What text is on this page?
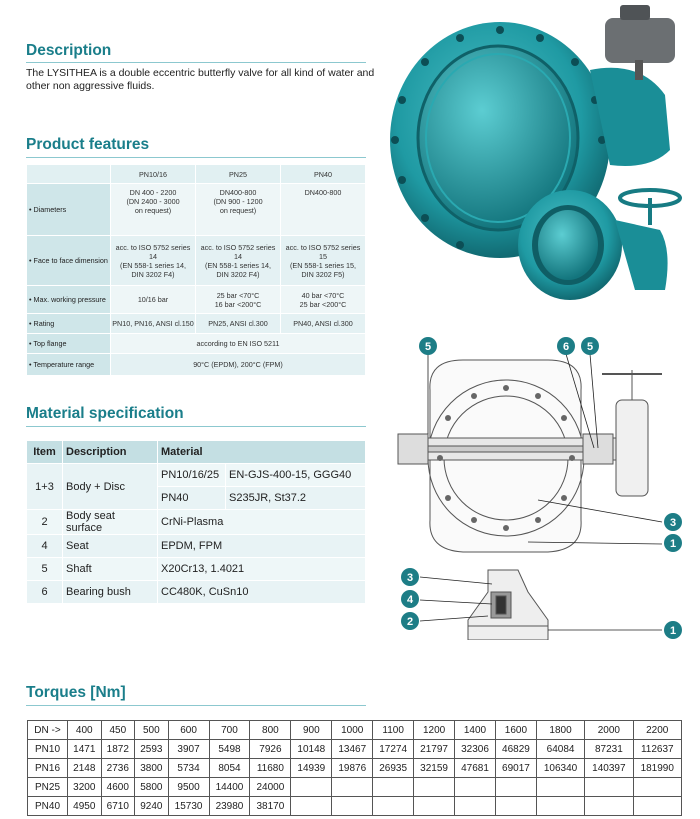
Description
The LYSITHEA is a double eccentric butterfly valve for all kind of water and other non aggressive fluids.
Product features
	PN10/16	PN25	PN40
• Diameters	DN 400 - 2200
(DN 2400 - 3000
on request)	DN400-800
(DN 900 - 1200
on request)	DN400-800
• Face to face dimension	acc. to ISO 5752 series 14
(EN 558-1 series 14,
DIN 3202 F4)	acc. to ISO 5752 series 14
(EN 558-1 series 14,
DIN 3202 F4)	acc. to ISO 5752 series 15
(EN 558-1 series 15,
DIN 3202 F5)
• Max. working pressure	10/16 bar	25 bar <70°C
16 bar <200°C	40 bar <70°C
25 bar <200°C
• Rating	PN10, PN16, ANSI cl.150	PN25, ANSI cl.300	PN40, ANSI cl.300
• Top flange	according to EN ISO 5211		
• Temperature range	90°C (EPDM), 200°C (FPM)		
Material specification
Item	Description	Material	
1+3	Body + Disc	PN10/16/25	EN-GJS-400-15, GGG40
		PN40	S235JR, St37.2
2	Body seat surface	CrNi-Plasma	
4	Seat	EPDM, FPM	
5	Shaft	X20Cr13, 1.4021	
6	Bearing bush	CC480K, CuSn10	
Torques [Nm]
DN ->	400	450	500	600	700	800	900	1000	1100	1200	1400	1600	1800	2000	2200
PN10	1471	1872	2593	3907	5498	7926	10148	13467	17274	21797	32306	46829	64084	87231	112637
PN16	2148	2736	3800	5734	8054	11680	14939	19876	26935	32159	47681	69017	106340	140397	181990
PN25	3200	4600	5800	9500	14400	24000									
PN40	4950	6710	9240	15730	23980	38170									
5	6 5
3
1
3
4
2
1
